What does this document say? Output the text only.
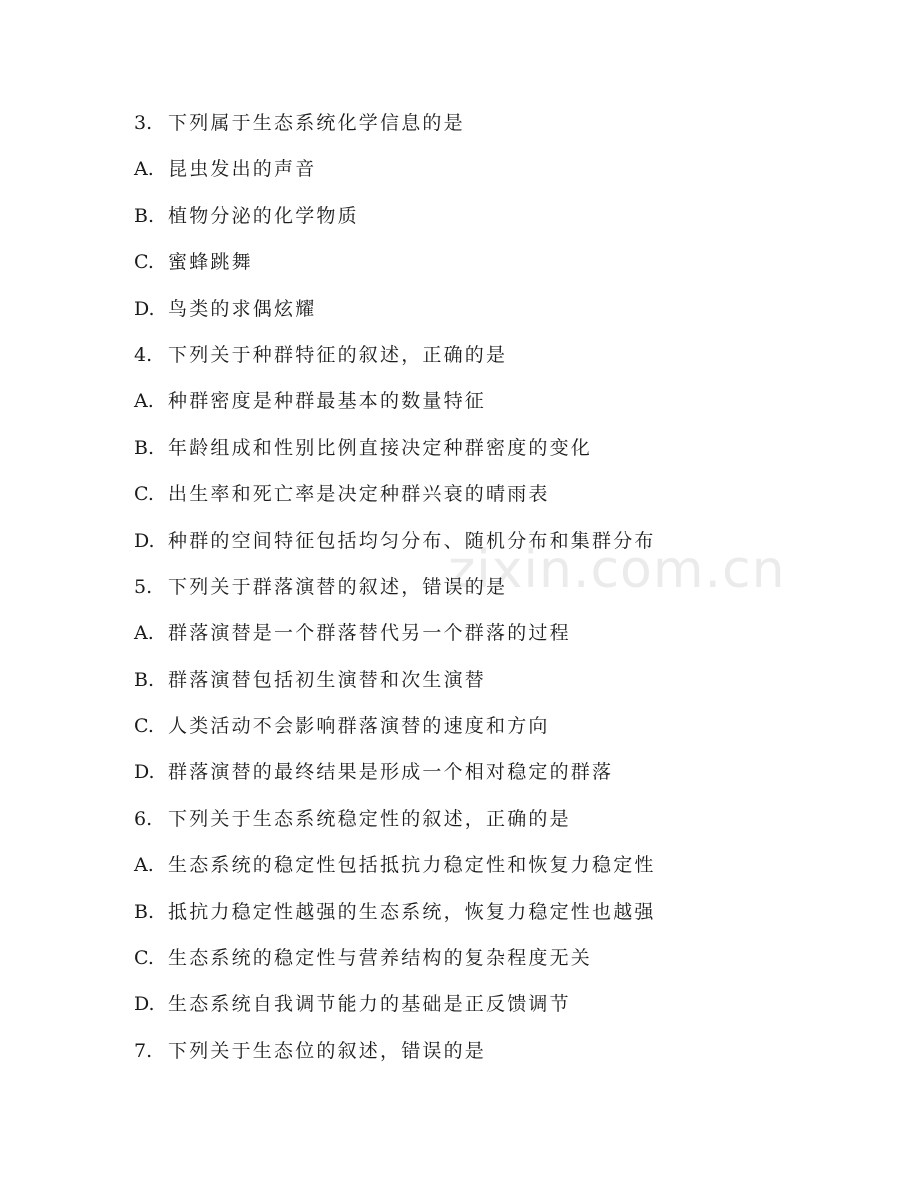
zixin.com.cn
3. 下列属于生态系统化学信息的是
A. 昆虫发出的声音
B. 植物分泌的化学物质
C. 蜜蜂跳舞
D. 鸟类的求偶炫耀
4. 下列关于种群特征的叙述，正确的是
A. 种群密度是种群最基本的数量特征
B. 年龄组成和性别比例直接决定种群密度的变化
C. 出生率和死亡率是决定种群兴衰的晴雨表
D. 种群的空间特征包括均匀分布、随机分布和集群分布
5. 下列关于群落演替的叙述，错误的是
A. 群落演替是一个群落替代另一个群落的过程
B. 群落演替包括初生演替和次生演替
C. 人类活动不会影响群落演替的速度和方向
D. 群落演替的最终结果是形成一个相对稳定的群落
6. 下列关于生态系统稳定性的叙述，正确的是
A. 生态系统的稳定性包括抵抗力稳定性和恢复力稳定性
B. 抵抗力稳定性越强的生态系统，恢复力稳定性也越强
C. 生态系统的稳定性与营养结构的复杂程度无关
D. 生态系统自我调节能力的基础是正反馈调节
7. 下列关于生态位的叙述，错误的是
